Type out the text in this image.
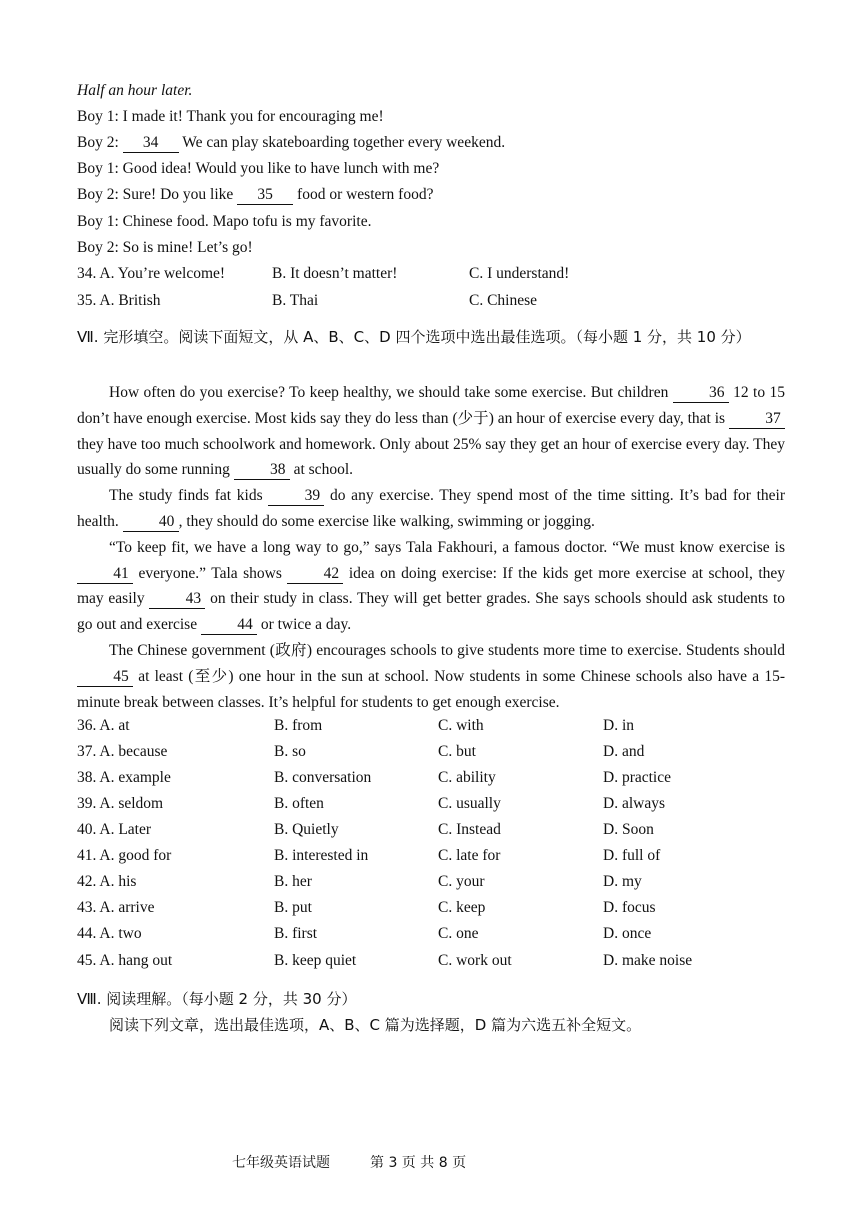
Half an hour later.
Boy 1: I made it! Thank you for encouraging me!
Boy 2: 34 We can play skateboarding together every weekend.
Boy 1: Good idea! Would you like to have lunch with me?
Boy 2: Sure! Do you like 35 food or western food?
Boy 1: Chinese food. Mapo tofu is my favorite.
Boy 2: So is mine! Let’s go!
34. A. You’re welcome!	B. It doesn’t matter!	C. I understand!
35. A. British	B. Thai	C. Chinese
Ⅶ. 完形填空。阅读下面短文，从 A、B、C、D 四个选项中选出最佳选项。（每小题 1 分，共 10 分）

How often do you exercise? To keep healthy, we should take some exercise. But children 36 12 to 15 don’t have enough exercise. Most kids say they do less than (少于) an hour of exercise every day, that is 37 they have too much schoolwork and homework. Only about 25% say they get an hour of exercise every day. They usually do some running 38 at school.

The study finds fat kids 39 do any exercise. They spend most of the time sitting. It’s bad for their health. 40 , they should do some exercise like walking, swimming or jogging.

“To keep fit, we have a long way to go,” says Tala Fakhouri, a famous doctor. “We must know exercise is 41 everyone.” Tala shows 42 idea on doing exercise: If the kids get more exercise at school, they may easily 43 on their study in class. They will get better grades. She says schools should ask students to go out and exercise 44 or twice a day.

The Chinese government (政府) encourages schools to give students more time to exercise. Students should 45 at least (至少) one hour in the sun at school. Now students in some Chinese schools also have a 15-minute break between classes. It’s helpful for students to get enough exercise.

36. A. at	B. from	C. with	D. in
37. A. because	B. so	C. but	D. and
38. A. example	B. conversation	C. ability	D. practice
39. A. seldom	B. often	C. usually	D. always
40. A. Later	B. Quietly	C. Instead	D. Soon
41. A. good for	B. interested in	C. late for	D. full of
42. A. his	B. her	C. your	D. my
43. A. arrive	B. put	C. keep	D. focus
44. A. two	B. first	C. one	D. once
45. A. hang out	B. keep quiet	C. work out	D. make noise
Ⅷ. 阅读理解。（每小题 2 分，共 30 分）
阅读下列文章，选出最佳选项，A、B、C 篇为选择题，D 篇为六选五补全短文。
七年级英语试题	第 3 页 共 8 页
